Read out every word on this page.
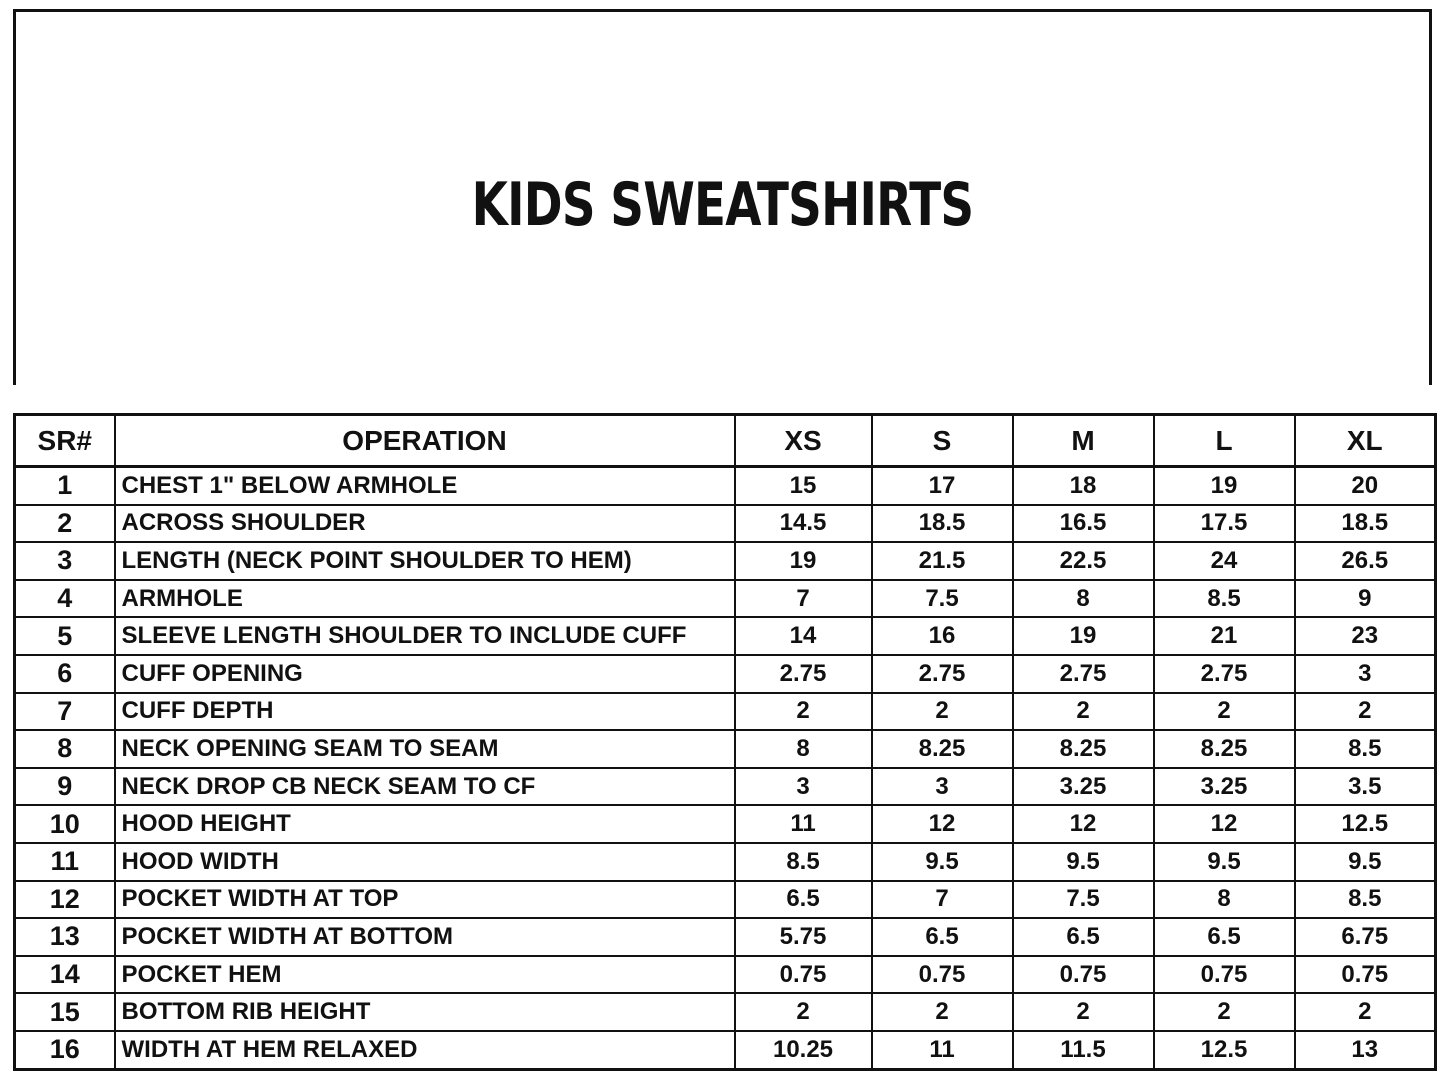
KIDS SWEATSHIRTS
SR#	OPERATION	XS	S	M	L	XL
1	CHEST 1" BELOW ARMHOLE	15	17	18	19	20
2	ACROSS SHOULDER	14.5	18.5	16.5	17.5	18.5
3	LENGTH (NECK POINT SHOULDER TO HEM)	19	21.5	22.5	24	26.5
4	ARMHOLE	7	7.5	8	8.5	9
5	SLEEVE LENGTH SHOULDER TO INCLUDE CUFF	14	16	19	21	23
6	CUFF OPENING	2.75	2.75	2.75	2.75	3
7	CUFF DEPTH	2	2	2	2	2
8	NECK OPENING SEAM TO SEAM	8	8.25	8.25	8.25	8.5
9	NECK DROP CB NECK SEAM TO CF	3	3	3.25	3.25	3.5
10	HOOD HEIGHT	11	12	12	12	12.5
11	HOOD WIDTH	8.5	9.5	9.5	9.5	9.5
12	POCKET WIDTH AT TOP	6.5	7	7.5	8	8.5
13	POCKET WIDTH AT BOTTOM	5.75	6.5	6.5	6.5	6.75
14	POCKET HEM	0.75	0.75	0.75	0.75	0.75
15	BOTTOM RIB HEIGHT	2	2	2	2	2
16	WIDTH AT HEM RELAXED	10.25	11	11.5	12.5	13
